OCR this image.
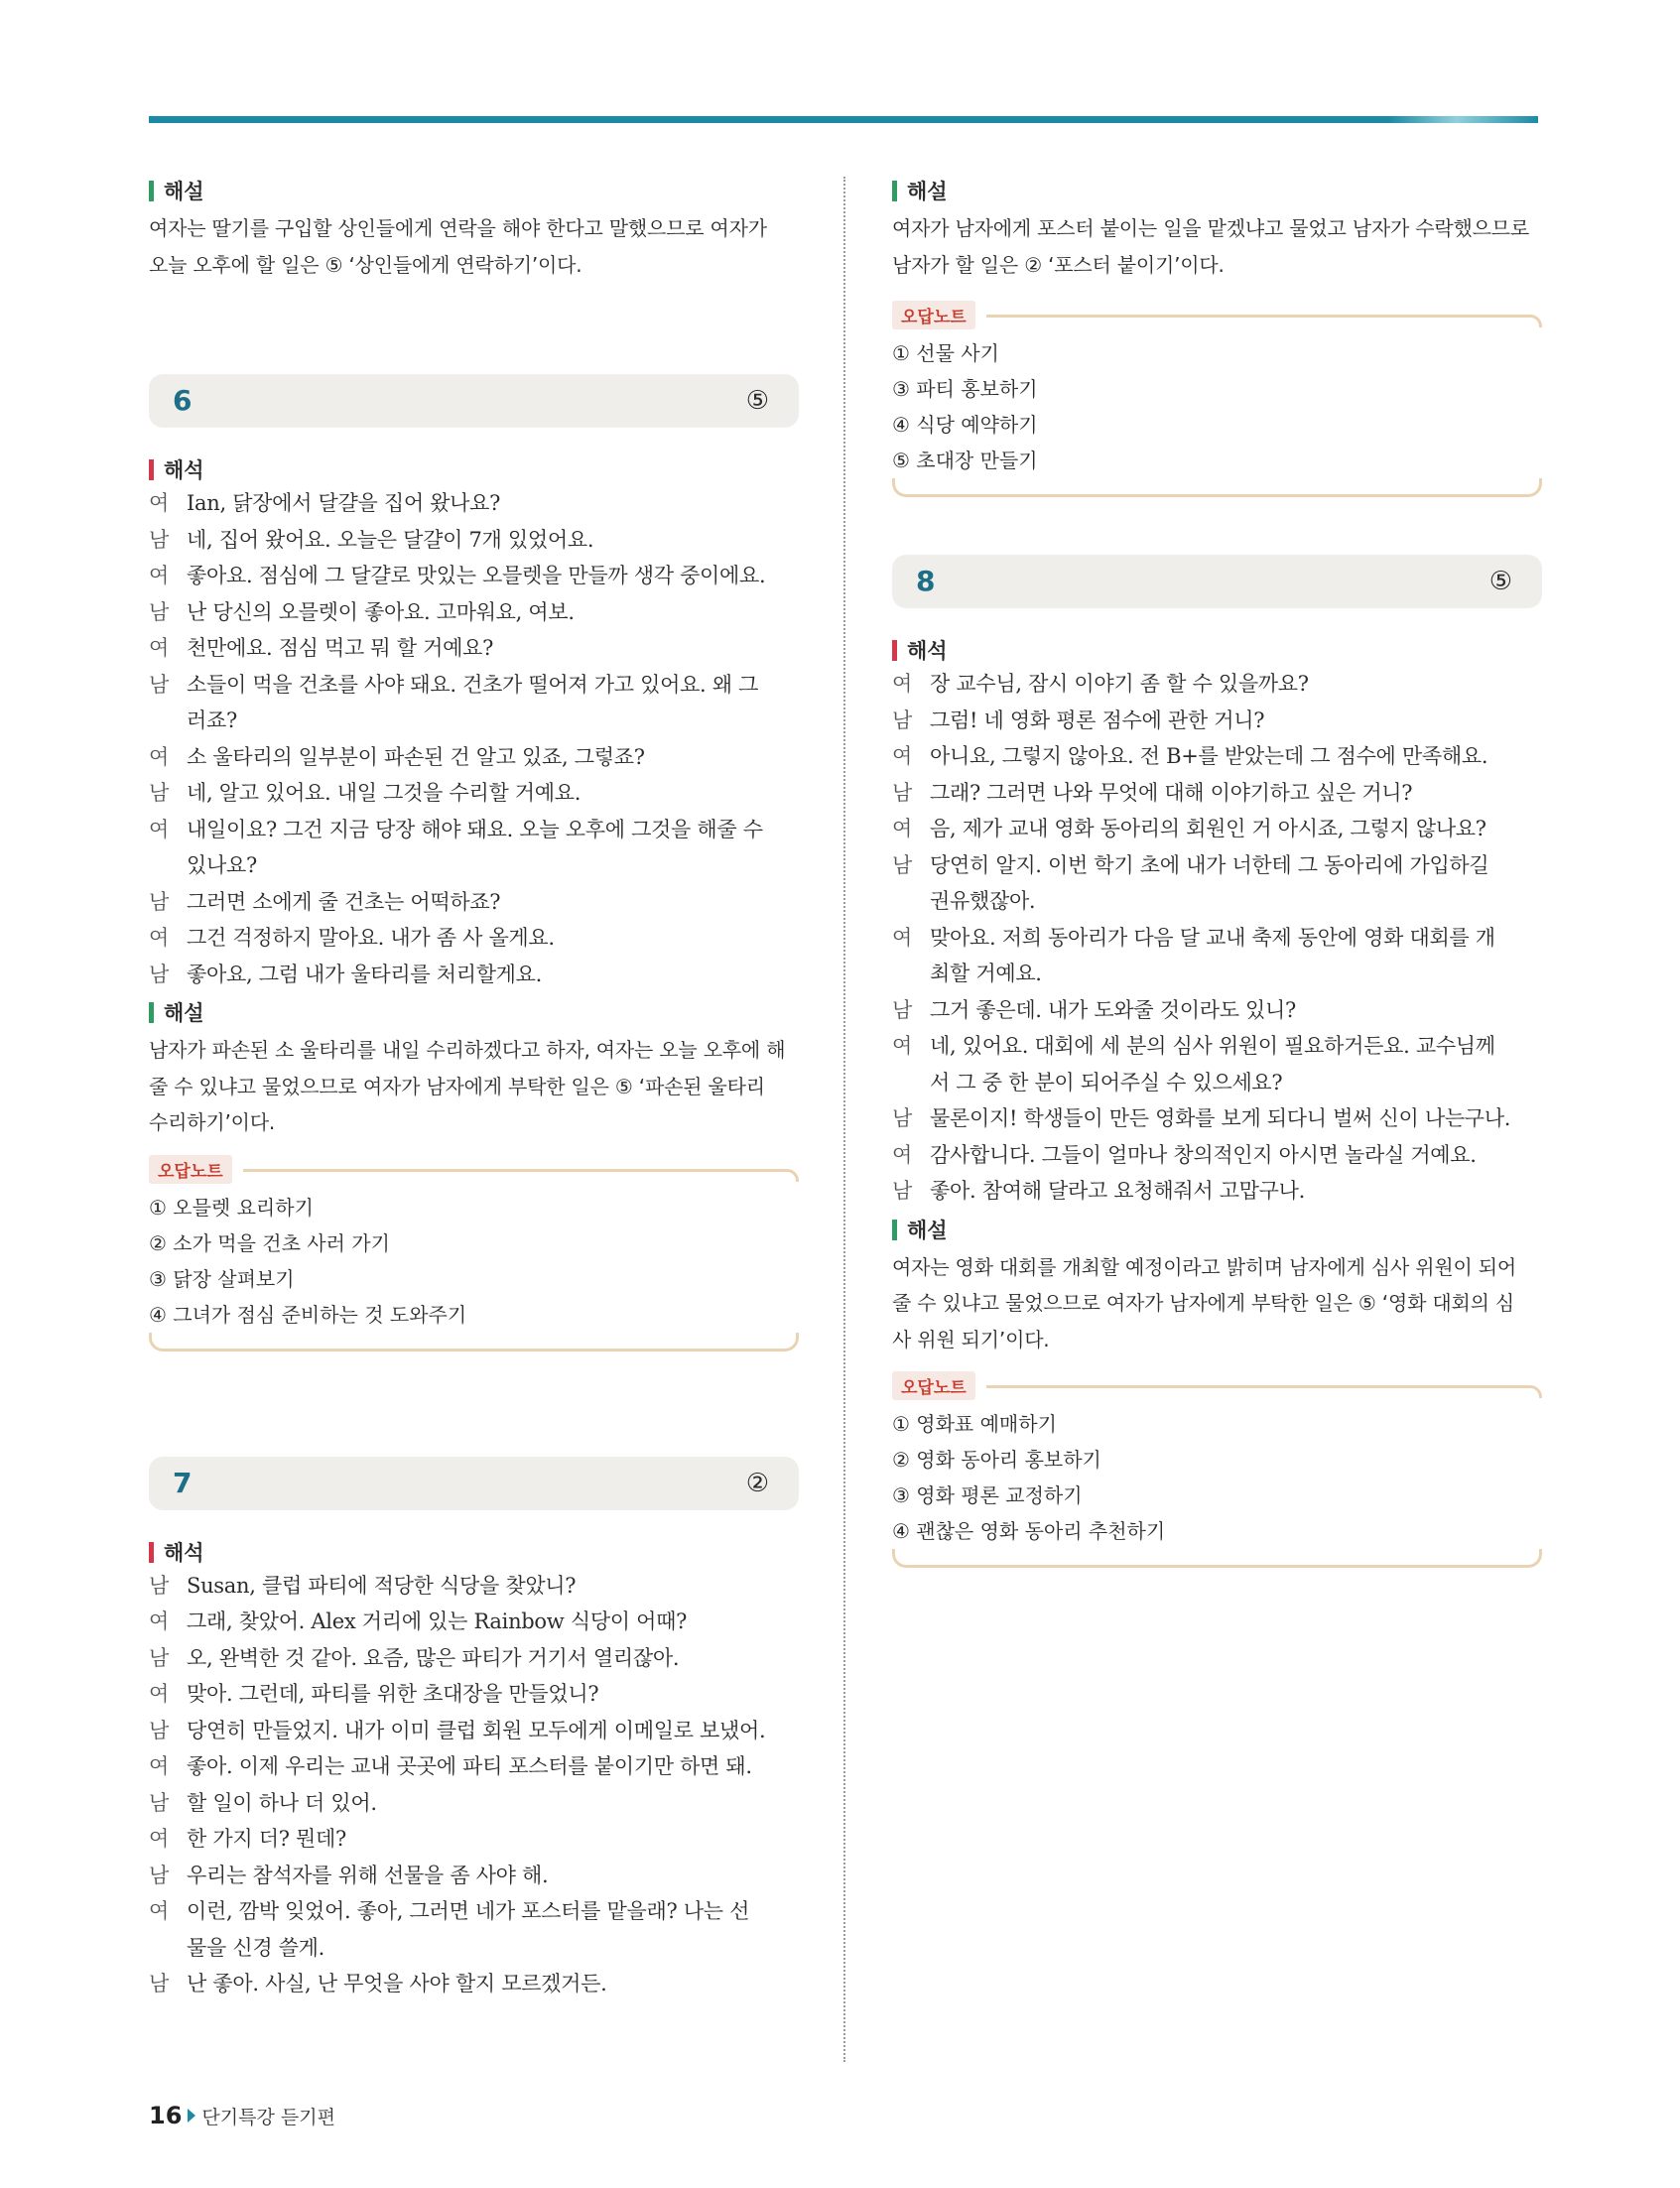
해설
여자는 딸기를 구입할 상인들에게 연락을 해야 한다고 말했으므로 여자가
오늘 오후에 할 일은 ⑤ ‘상인들에게 연락하기’이다.
6	⑤
해석
여 Ian, 닭장에서 달걀을 집어 왔나요?
남 네, 집어 왔어요. 오늘은 달걀이 7개 있었어요.
여 좋아요. 점심에 그 달걀로 맛있는 오믈렛을 만들까 생각 중이에요.
남 난 당신의 오믈렛이 좋아요. 고마워요, 여보.
여 천만에요. 점심 먹고 뭐 할 거예요?
남 소들이 먹을 건초를 사야 돼요. 건초가 떨어져 가고 있어요. 왜 그
러죠?
여 소 울타리의 일부분이 파손된 건 알고 있죠, 그렇죠?
남 네, 알고 있어요. 내일 그것을 수리할 거예요.
여 내일이요? 그건 지금 당장 해야 돼요. 오늘 오후에 그것을 해줄 수
있나요?
남 그러면 소에게 줄 건초는 어떡하죠?
여 그건 걱정하지 말아요. 내가 좀 사 올게요.
남 좋아요, 그럼 내가 울타리를 처리할게요.
해설
남자가 파손된 소 울타리를 내일 수리하겠다고 하자, 여자는 오늘 오후에 해
줄 수 있냐고 물었으므로 여자가 남자에게 부탁한 일은 ⑤ ‘파손된 울타리
수리하기’이다.
오답노트
① 오믈렛 요리하기
② 소가 먹을 건초 사러 가기
③ 닭장 살펴보기
④ 그녀가 점심 준비하는 것 도와주기
7	②
해석
남 Susan, 클럽 파티에 적당한 식당을 찾았니?
여 그래, 찾았어. Alex 거리에 있는 Rainbow 식당이 어때?
남 오, 완벽한 것 같아. 요즘, 많은 파티가 거기서 열리잖아.
여 맞아. 그런데, 파티를 위한 초대장을 만들었니?
남 당연히 만들었지. 내가 이미 클럽 회원 모두에게 이메일로 보냈어.
여 좋아. 이제 우리는 교내 곳곳에 파티 포스터를 붙이기만 하면 돼.
남 할 일이 하나 더 있어.
여 한 가지 더? 뭔데?
남 우리는 참석자를 위해 선물을 좀 사야 해.
여 이런, 깜박 잊었어. 좋아, 그러면 네가 포스터를 맡을래? 나는 선
물을 신경 쓸게.
남 난 좋아. 사실, 난 무엇을 사야 할지 모르겠거든.
해설
여자가 남자에게 포스터 붙이는 일을 맡겠냐고 물었고 남자가 수락했으므로
남자가 할 일은 ② ‘포스터 붙이기’이다.
오답노트
① 선물 사기
③ 파티 홍보하기
④ 식당 예약하기
⑤ 초대장 만들기
8	⑤
해석
여 장 교수님, 잠시 이야기 좀 할 수 있을까요?
남 그럼! 네 영화 평론 점수에 관한 거니?
여 아니요, 그렇지 않아요. 전 B+를 받았는데 그 점수에 만족해요.
남 그래? 그러면 나와 무엇에 대해 이야기하고 싶은 거니?
여 음, 제가 교내 영화 동아리의 회원인 거 아시죠, 그렇지 않나요?
남 당연히 알지. 이번 학기 초에 내가 너한테 그 동아리에 가입하길
권유했잖아.
여 맞아요. 저희 동아리가 다음 달 교내 축제 동안에 영화 대회를 개
최할 거예요.
남 그거 좋은데. 내가 도와줄 것이라도 있니?
여 네, 있어요. 대회에 세 분의 심사 위원이 필요하거든요. 교수님께
서 그 중 한 분이 되어주실 수 있으세요?
남 물론이지! 학생들이 만든 영화를 보게 되다니 벌써 신이 나는구나.
여 감사합니다. 그들이 얼마나 창의적인지 아시면 놀라실 거예요.
남 좋아. 참여해 달라고 요청해줘서 고맙구나.
해설
여자는 영화 대회를 개최할 예정이라고 밝히며 남자에게 심사 위원이 되어
줄 수 있냐고 물었으므로 여자가 남자에게 부탁한 일은 ⑤ ‘영화 대회의 심
사 위원 되기’이다.
오답노트
① 영화표 예매하기
② 영화 동아리 홍보하기
③ 영화 평론 교정하기
④ 괜찮은 영화 동아리 추천하기
16 단기특강 듣기편
